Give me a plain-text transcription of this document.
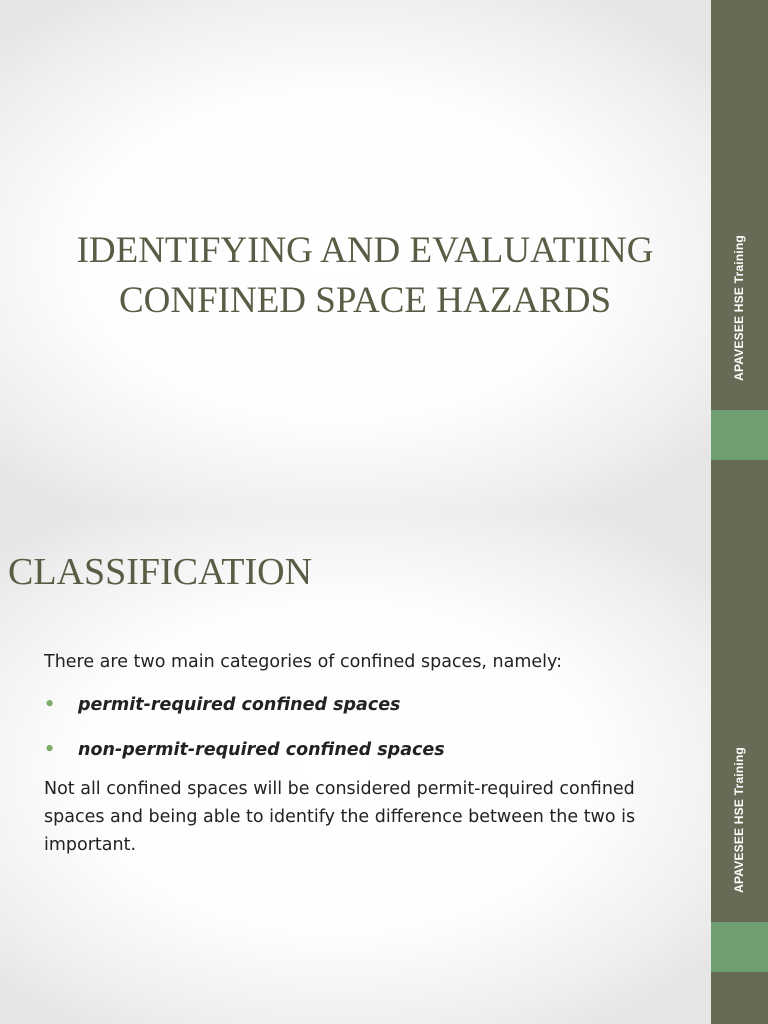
IDENTIFYING AND EVALUATIING
CONFINED SPACE HAZARDS	APAVESEE HSE Training
CLASSIFICATION

There are two main categories of confined spaces, namely:

• permit-required confined spaces
• non-permit-required confined spaces

Not all confined spaces will be considered permit-required confined spaces and being able to identify the difference between the two is important.	APAVESEE HSE Training
